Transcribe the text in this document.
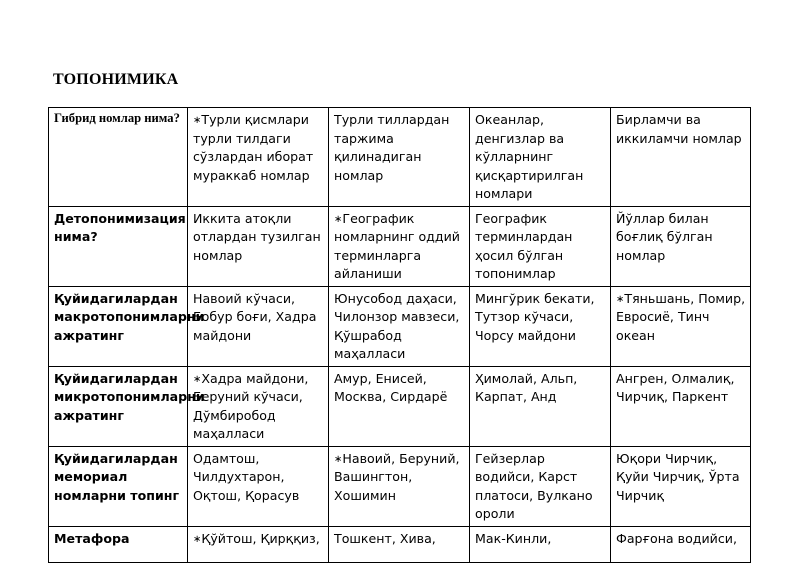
ТОПОНИМИКА
Гибрид номлар нима?	∗Турли қисмлари турли тилдаги сўзлардан иборат мураккаб номлар	Турли тиллардан таржима қилинадиган номлар	Океанлар, денгизлар ва кўлларнинг қисқартирилган номлари	Бирламчи ва иккиламчи номлар
Детопонимизация нима?	Иккита атоқли отлардан тузилган номлар	∗Географик номларнинг оддий терминларга айланиши	Географик терминлардан ҳосил бўлган топонимлар	Йўллар билан боғлиқ бўлган номлар
Қуйидагилардан макротопонимларни ажратинг	Навоий кўчаси, Бобур боғи, Хадра майдони	Юнусобод даҳаси, Чилонзор мавзеси, Қўшрабод маҳалласи	Мингўрик бекати, Тутзор кўчаси, Чорсу майдони	∗Тяньшань, Помир, Евросиё, Тинч океан
Қуйидагилардан микротопонимларни ажратинг	∗Хадра майдони, Беруний кўчаси, Дўмбиробод маҳалласи	Амур, Енисей, Москва, Сирдарё	Ҳимолай, Альп, Карпат, Анд	Ангрен, Олмалиқ, Чирчиқ, Паркент
Қуйидагилардан мемориал номларни топинг	Одамтош, Чилдухтарон, Оқтош, Қорасув	∗Навоий, Беруний, Вашингтон, Хошимин	Гейзерлар водийси, Карст платоси, Вулкано ороли	Юқори Чирчиқ, Қуйи Чирчиқ, Ўрта Чирчиқ
Метафора	∗Қўйтош, Қирққиз,	Тошкент, Хива,	Мак-Кинли,	Фарғона водийси,
